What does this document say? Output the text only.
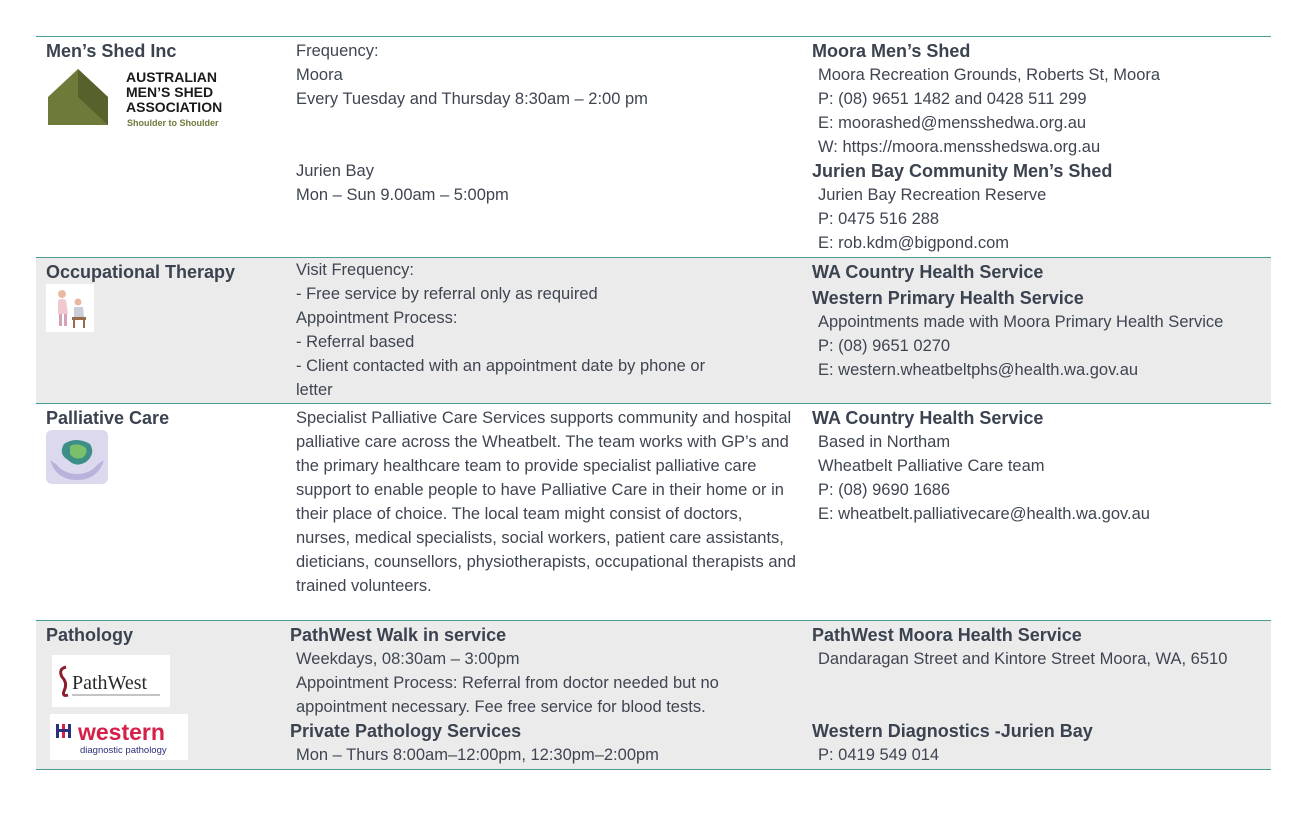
Men’s Shed Inc
AUSTRALIAN
MEN’S SHED
ASSOCIATION
Shoulder to Shoulder
Frequency:
Moora
Every Tuesday and Thursday 8:30am – 2:00 pm
Jurien Bay
Mon – Sun 9.00am – 5:00pm
Moora Men’s Shed
Moora Recreation Grounds, Roberts St, Moora
P: (08) 9651 1482 and 0428 511 299
E: moorashed@mensshedwa.org.au
W: https://moora.mensshedswa.org.au
Jurien Bay Community Men’s Shed
Jurien Bay Recreation Reserve
P: 0475 516 288
E: rob.kdm@bigpond.com
Occupational Therapy	Visit Frequency:
- Free service by referral only as required
Appointment Process:
- Referral based
- Client contacted with an appointment date by phone or
letter
WA Country Health Service
Western Primary Health Service
Appointments made with Moora Primary Health Service
P: (08) 9651 0270
E: western.wheatbeltphs@health.wa.gov.au
Palliative Care	Specialist Palliative Care Services supports community and hospital palliative care across the Wheatbelt. The team works with GP’s and the primary healthcare team to provide specialist palliative care support to enable people to have Palliative Care in their home or in their place of choice. The local team might consist of doctors, nurses, medical specialists, social workers, patient care assistants, dieticians, counsellors, physiotherapists, occupational therapists and trained volunteers.
WA Country Health Service
Based in Northam
Wheatbelt Palliative Care team
P: (08) 9690 1686
E: wheatbelt.palliativecare@health.wa.gov.au
Pathology
PathWest
western
diagnostic pathology
PathWest Walk in service
Weekdays, 08:30am – 3:00pm
Appointment Process: Referral from doctor needed but no
appointment necessary. Fee free service for blood tests.
Private Pathology Services
Mon – Thurs 8:00am–12:00pm, 12:30pm–2:00pm
PathWest Moora Health Service
Dandaragan Street and Kintore Street Moora, WA, 6510
Western Diagnostics -Jurien Bay
P: 0419 549 014
